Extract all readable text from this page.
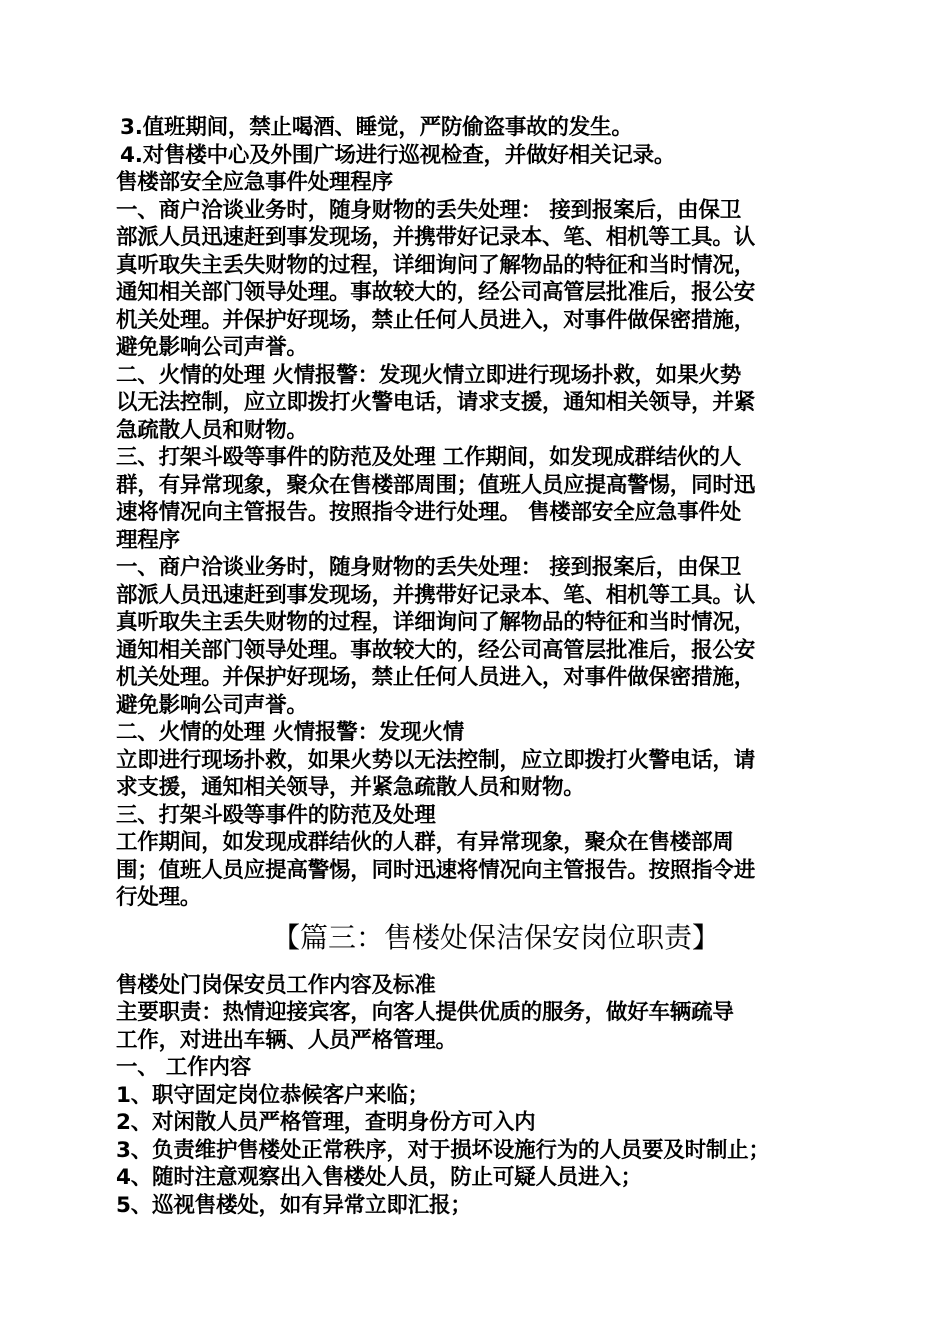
3.值班期间，禁止喝酒、睡觉，严防偷盗事故的发生。
4.对售楼中心及外围广场进行巡视检查，并做好相关记录。
售楼部安全应急事件处理程序
一、商户洽谈业务时，随身财物的丢失处理： 接到报案后，由保卫
部派人员迅速赶到事发现场，并携带好记录本、笔、相机等工具。认
真听取失主丢失财物的过程，详细询问了解物品的特征和当时情况，
通知相关部门领导处理。事故较大的，经公司高管层批准后，报公安
机关处理。并保护好现场，禁止任何人员进入，对事件做保密措施，
避免影响公司声誉。
二、火情的处理 火情报警：发现火情立即进行现场扑救，如果火势
以无法控制，应立即拨打火警电话，请求支援，通知相关领导，并紧
急疏散人员和财物。
三、打架斗殴等事件的防范及处理 工作期间，如发现成群结伙的人
群，有异常现象，聚众在售楼部周围；值班人员应提高警惕，同时迅
速将情况向主管报告。按照指令进行处理。 售楼部安全应急事件处
理程序
一、商户洽谈业务时，随身财物的丢失处理： 接到报案后，由保卫
部派人员迅速赶到事发现场，并携带好记录本、笔、相机等工具。认
真听取失主丢失财物的过程，详细询问了解物品的特征和当时情况，
通知相关部门领导处理。事故较大的，经公司高管层批准后，报公安
机关处理。并保护好现场，禁止任何人员进入，对事件做保密措施，
避免影响公司声誉。
二、火情的处理 火情报警：发现火情
立即进行现场扑救，如果火势以无法控制，应立即拨打火警电话，请
求支援，通知相关领导，并紧急疏散人员和财物。
三、打架斗殴等事件的防范及处理
工作期间，如发现成群结伙的人群，有异常现象，聚众在售楼部周
围；值班人员应提高警惕，同时迅速将情况向主管报告。按照指令进
行处理。
【篇三：售楼处保洁保安岗位职责】
售楼处门岗保安员工作内容及标准
主要职责：热情迎接宾客，向客人提供优质的服务，做好车辆疏导
工作，对进出车辆、人员严格管理。
一、 工作内容
1、职守固定岗位恭候客户来临；
2、对闲散人员严格管理，查明身份方可入内
3、负责维护售楼处正常秩序，对于损坏设施行为的人员要及时制止；
4、随时注意观察出入售楼处人员，防止可疑人员进入；
5、巡视售楼处，如有异常立即汇报；
